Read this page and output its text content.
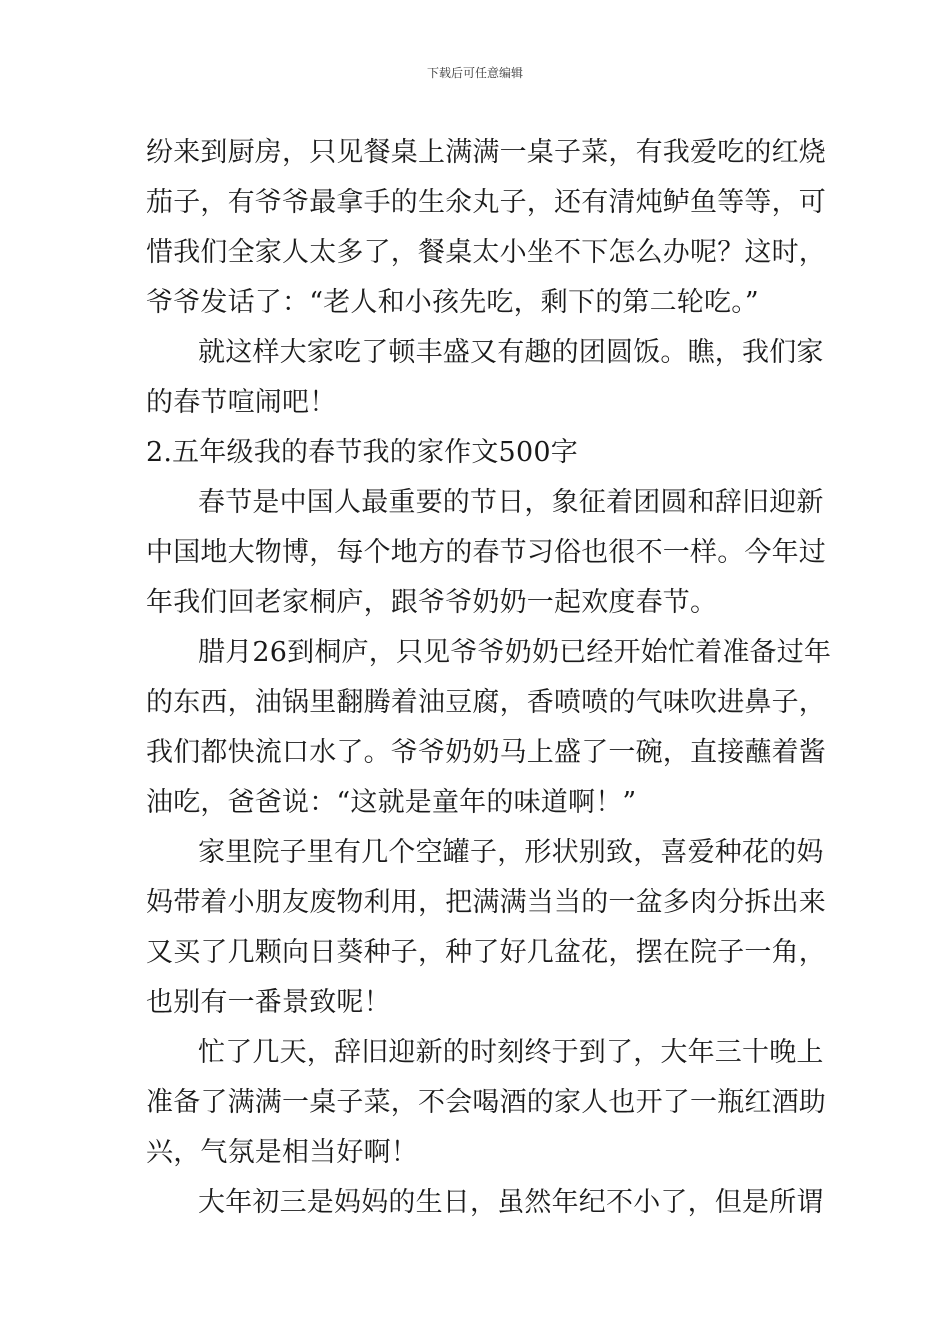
下载后可任意编辑
纷来到厨房，只见餐桌上满满一桌子菜，有我爱吃的红烧
茄子，有爷爷最拿手的生氽丸子，还有清炖鲈鱼等等，可
惜我们全家人太多了，餐桌太小坐不下怎么办呢？这时，
爷爷发话了：“老人和小孩先吃，剩下的第二轮吃。”
就这样大家吃了顿丰盛又有趣的团圆饭。瞧，我们家
的春节喧闹吧！
2.五年级我的春节我的家作文500字
春节是中国人最重要的节日，象征着团圆和辞旧迎新
中国地大物博，每个地方的春节习俗也很不一样。今年过
年我们回老家桐庐，跟爷爷奶奶一起欢度春节。
腊月26到桐庐，只见爷爷奶奶已经开始忙着准备过年
的东西，油锅里翻腾着油豆腐，香喷喷的气味吹进鼻子，
我们都快流口水了。爷爷奶奶马上盛了一碗，直接蘸着酱
油吃，爸爸说：“这就是童年的味道啊！”
家里院子里有几个空罐子，形状别致，喜爱种花的妈
妈带着小朋友废物利用，把满满当当的一盆多肉分拆出来
又买了几颗向日葵种子，种了好几盆花，摆在院子一角，
也别有一番景致呢！
忙了几天，辞旧迎新的时刻终于到了，大年三十晚上
准备了满满一桌子菜，不会喝酒的家人也开了一瓶红酒助
兴，气氛是相当好啊！
大年初三是妈妈的生日，虽然年纪不小了，但是所谓
